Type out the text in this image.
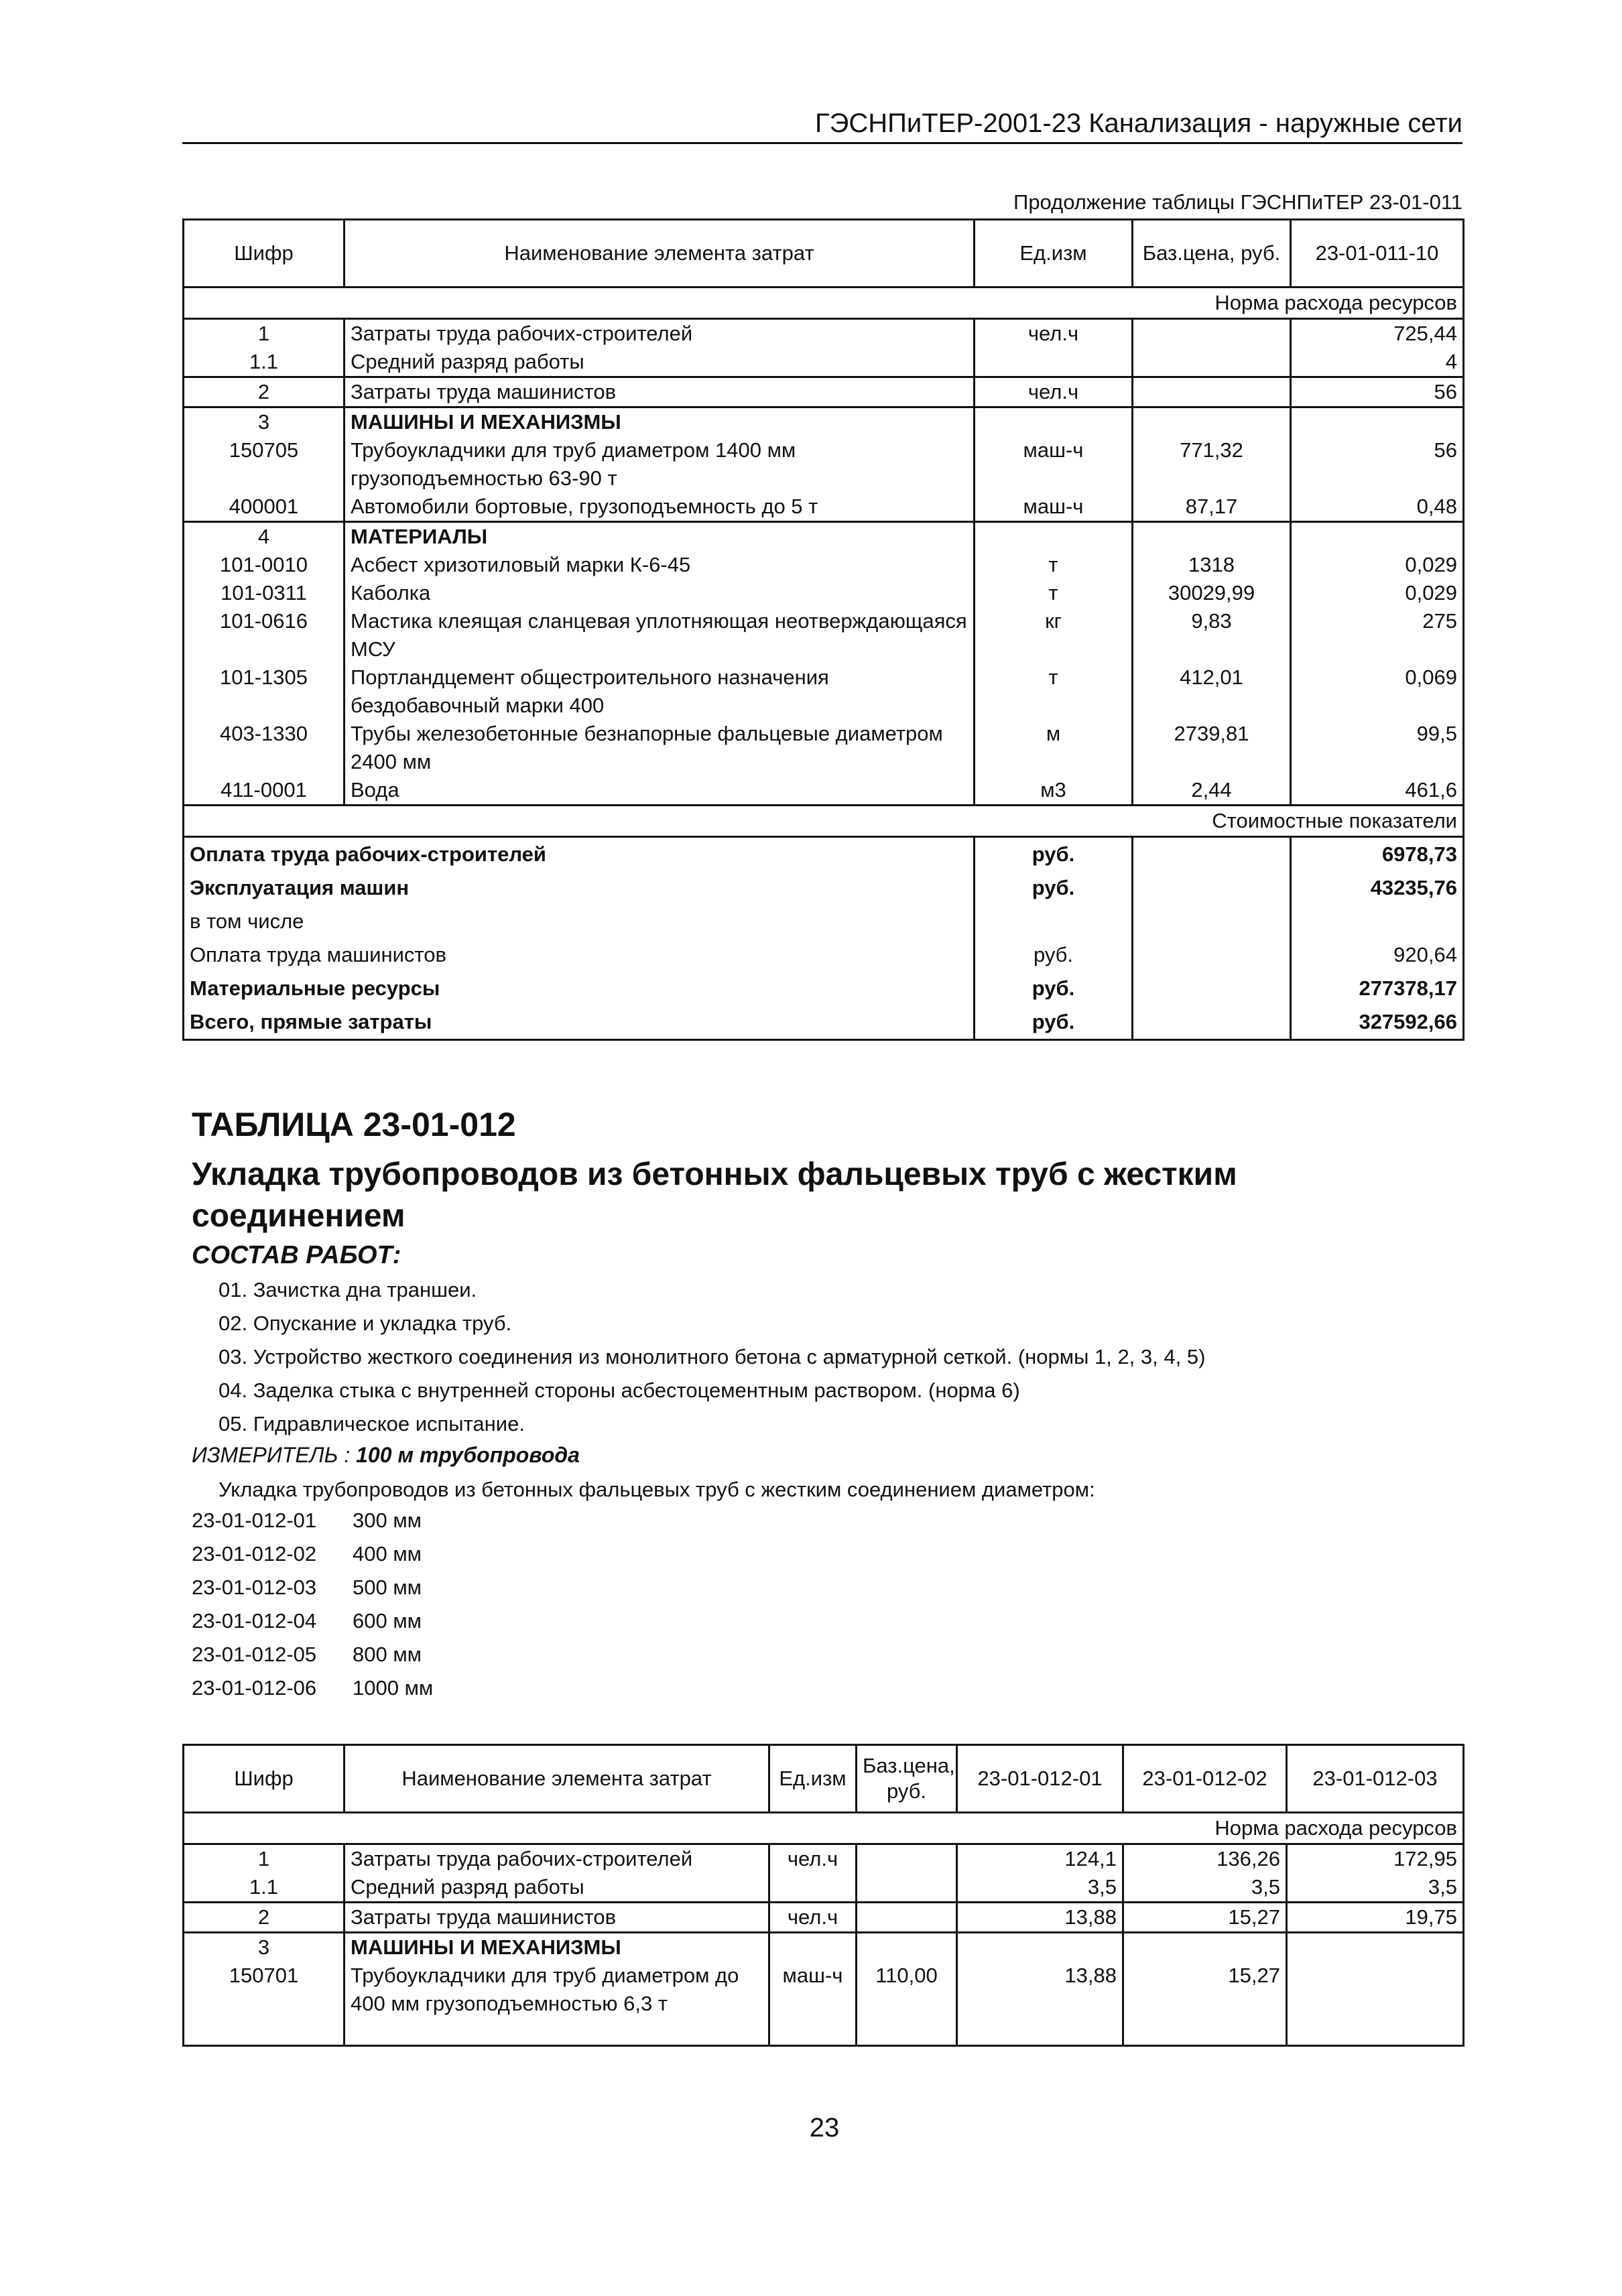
ГЭСНПиТЕР-2001-23 Канализация - наружные сети
Продолжение таблицы ГЭСНПиТЕР 23-01-011
Шифр	Наименование элемента затрат	Ед.изм	Баз.цена, руб.	23-01-011-10
Норма расхода ресурсов				
1	Затраты труда рабочих-строителей	чел.ч		725,44
1.1	Средний разряд работы			4
2	Затраты труда машинистов	чел.ч		56
3	МАШИНЫ И МЕХАНИЗМЫ			
150705	Трубоукладчики для труб диаметром 1400 мм грузоподъемностью 63-90 т	маш-ч	771,32	56
400001	Автомобили бортовые, грузоподъемность до 5 т	маш-ч	87,17	0,48
4	МАТЕРИАЛЫ			
101-0010	Асбест хризотиловый марки К-6-45	т	1318	0,029
101-0311	Каболка	т	30029,99	0,029
101-0616	Мастика клеящая сланцевая уплотняющая неотверждающаяся МСУ	кг	9,83	275
101-1305	Портландцемент общестроительного назначения бездобавочный марки 400	т	412,01	0,069
403-1330	Трубы железобетонные безнапорные фальцевые диаметром 2400 мм	м	2739,81	99,5
411-0001	Вода	м3	2,44	461,6
Стоимостные показатели				
Оплата труда рабочих-строителей		руб.		6978,73
Эксплуатация машин		руб.		43235,76
в том числе				
Оплата труда машинистов		руб.		920,64
Материальные ресурсы		руб.		277378,17
Всего, прямые затраты		руб.		327592,66
ТАБЛИЦА 23-01-012
Укладка трубопроводов из бетонных фальцевых труб с жестким соединением
СОСТАВ РАБОТ:
01. Зачистка дна траншеи.
02. Опускание и укладка труб.
03. Устройство жесткого соединения из монолитного бетона с арматурной сеткой. (нормы 1, 2, 3, 4, 5)
04. Заделка стыка с внутренней стороны асбестоцементным раствором. (норма 6)
05. Гидравлическое испытание.
ИЗМЕРИТЕЛЬ : 100 м трубопровода
Укладка трубопроводов из бетонных фальцевых труб с жестким соединением диаметром:
23-01-012-01 300 мм
23-01-012-02 400 мм
23-01-012-03 500 мм
23-01-012-04 600 мм
23-01-012-05 800 мм
23-01-012-06 1000 мм
Шифр	Наименование элемента затрат	Ед.изм	Баз.цена, руб.	23-01-012-01	23-01-012-02	23-01-012-03
Норма расхода ресурсов						
1	Затраты труда рабочих-строителей	чел.ч		124,1	136,26	172,95
1.1	Средний разряд работы			3,5	3,5	3,5
2	Затраты труда машинистов	чел.ч		13,88	15,27	19,75
3	МАШИНЫ И МЕХАНИЗМЫ					
150701	Трубоукладчики для труб диаметром до 400 мм грузоподъемностью 6,3 т	маш-ч	110,00	13,88	15,27	

23
